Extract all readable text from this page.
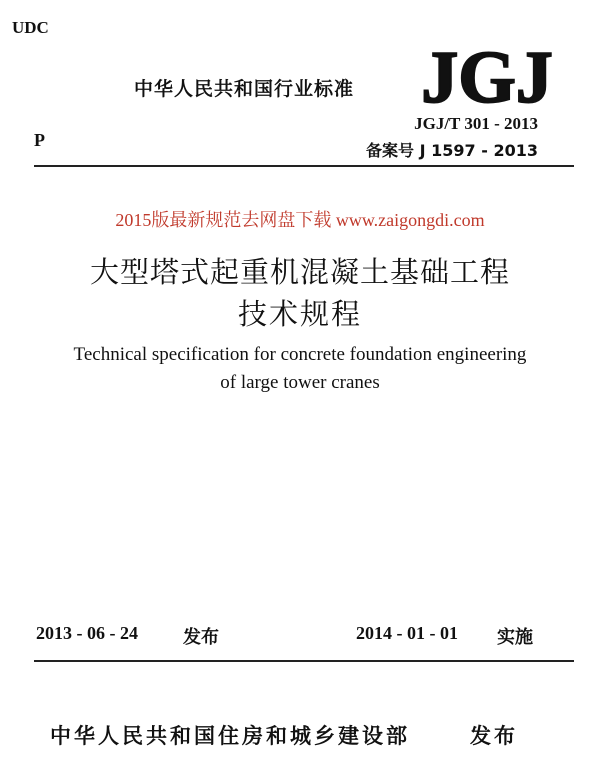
UDC
中华人民共和国行业标准 JGJ
JGJ/T 301 - 2013
备案号 J 1597 - 2013
P
2015版最新规范去网盘下载 www.zaigongdi.com
大型塔式起重机混凝土基础工程
技术规程
Technical specification for concrete foundation engineering
of large tower cranes
2013 - 06 - 24	发布	2014 - 01 - 01 实施
中华人民共和国住房和城乡建设部	发布
